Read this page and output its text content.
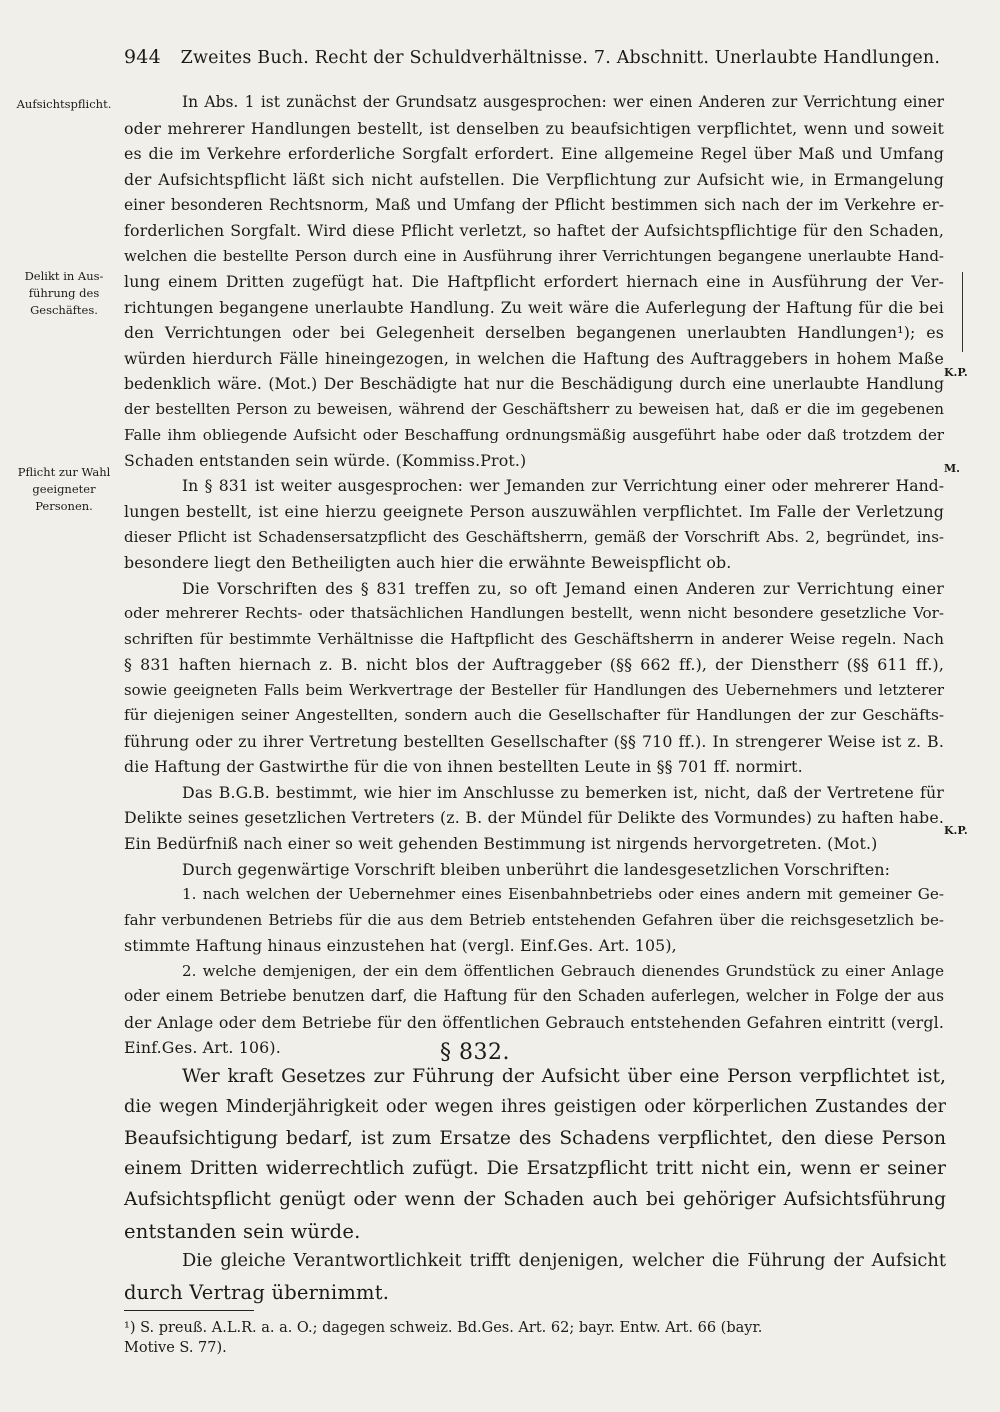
944 Zweites Buch. Recht der Schuldverhältnisse. 7. Abschnitt. Unerlaubte Handlungen.
Aufsichtspflicht.
Delikt in Aus-
führung des
Geschäftes.
Pflicht zur Wahl
geeigneter
Personen.
K.P.
M.
K.P.
In Abs. 1 ist zunächst der Grundsatz ausgesprochen: wer einen Anderen zur Verrichtung einer
oder mehrerer Handlungen bestellt, ist denselben zu beaufsichtigen verpflichtet, wenn und soweit
es die im Verkehre erforderliche Sorgfalt erfordert. Eine allgemeine Regel über Maß und Umfang
der Aufsichtspflicht läßt sich nicht aufstellen. Die Verpflichtung zur Aufsicht wie, in Ermangelung
einer besonderen Rechtsnorm, Maß und Umfang der Pflicht bestimmen sich nach der im Verkehre er-
forderlichen Sorgfalt. Wird diese Pflicht verletzt, so haftet der Aufsichtspflichtige für den Schaden,
welchen die bestellte Person durch eine in Ausführung ihrer Verrichtungen begangene unerlaubte Hand-
lung einem Dritten zugefügt hat. Die Haftpflicht erfordert hiernach eine in Ausführung der Ver-
richtungen begangene unerlaubte Handlung. Zu weit wäre die Auferlegung der Haftung für die bei
den Verrichtungen oder bei Gelegenheit derselben begangenen unerlaubten Handlungen¹); es
würden hierdurch Fälle hineingezogen, in welchen die Haftung des Auftraggebers in hohem Maße
bedenklich wäre. (Mot.) Der Beschädigte hat nur die Beschädigung durch eine unerlaubte Handlung
der bestellten Person zu beweisen, während der Geschäftsherr zu beweisen hat, daß er die im gegebenen
Falle ihm obliegende Aufsicht oder Beschaffung ordnungsmäßig ausgeführt habe oder daß trotzdem der
Schaden entstanden sein würde. (Kommiss.Prot.)
In § 831 ist weiter ausgesprochen: wer Jemanden zur Verrichtung einer oder mehrerer Hand-
lungen bestellt, ist eine hierzu geeignete Person auszuwählen verpflichtet. Im Falle der Verletzung
dieser Pflicht ist Schadensersatzpflicht des Geschäftsherrn, gemäß der Vorschrift Abs. 2, begründet, ins-
besondere liegt den Betheiligten auch hier die erwähnte Beweispflicht ob.
Die Vorschriften des § 831 treffen zu, so oft Jemand einen Anderen zur Verrichtung einer
oder mehrerer Rechts- oder thatsächlichen Handlungen bestellt, wenn nicht besondere gesetzliche Vor-
schriften für bestimmte Verhältnisse die Haftpflicht des Geschäftsherrn in anderer Weise regeln. Nach
§ 831 haften hiernach z. B. nicht blos der Auftraggeber (§§ 662 ff.), der Dienstherr (§§ 611 ff.),
sowie geeigneten Falls beim Werkvertrage der Besteller für Handlungen des Uebernehmers und letzterer
für diejenigen seiner Angestellten, sondern auch die Gesellschafter für Handlungen der zur Geschäfts-
führung oder zu ihrer Vertretung bestellten Gesellschafter (§§ 710 ff.). In strengerer Weise ist z. B.
die Haftung der Gastwirthe für die von ihnen bestellten Leute in §§ 701 ff. normirt.
Das B.G.B. bestimmt, wie hier im Anschlusse zu bemerken ist, nicht, daß der Vertretene für
Delikte seines gesetzlichen Vertreters (z. B. der Mündel für Delikte des Vormundes) zu haften habe.
Ein Bedürfniß nach einer so weit gehenden Bestimmung ist nirgends hervorgetreten. (Mot.)
Durch gegenwärtige Vorschrift bleiben unberührt die landesgesetzlichen Vorschriften:
1. nach welchen der Uebernehmer eines Eisenbahnbetriebs oder eines andern mit gemeiner Ge-
fahr verbundenen Betriebs für die aus dem Betrieb entstehenden Gefahren über die reichsgesetzlich be-
stimmte Haftung hinaus einzustehen hat (vergl. Einf.Ges. Art. 105),
2. welche demjenigen, der ein dem öffentlichen Gebrauch dienendes Grundstück zu einer Anlage
oder einem Betriebe benutzen darf, die Haftung für den Schaden auferlegen, welcher in Folge der aus
der Anlage oder dem Betriebe für den öffentlichen Gebrauch entstehenden Gefahren eintritt (vergl.
Einf.Ges. Art. 106).	§ 832.
Wer kraft Gesetzes zur Führung der Aufsicht über eine Person verpflichtet ist,
die wegen Minderjährigkeit oder wegen ihres geistigen oder körperlichen Zustandes der
Beaufsichtigung bedarf, ist zum Ersatze des Schadens verpflichtet, den diese Person
einem Dritten widerrechtlich zufügt. Die Ersatzpflicht tritt nicht ein, wenn er seiner
Aufsichtspflicht genügt oder wenn der Schaden auch bei gehöriger Aufsichtsführung
entstanden sein würde.
Die gleiche Verantwortlichkeit trifft denjenigen, welcher die Führung der Aufsicht
durch Vertrag übernimmt.
¹) S. preuß. A.L.R. a. a. O.; dagegen schweiz. Bd.Ges. Art. 62; bayr. Entw. Art. 66 (bayr.
Motive S. 77).
